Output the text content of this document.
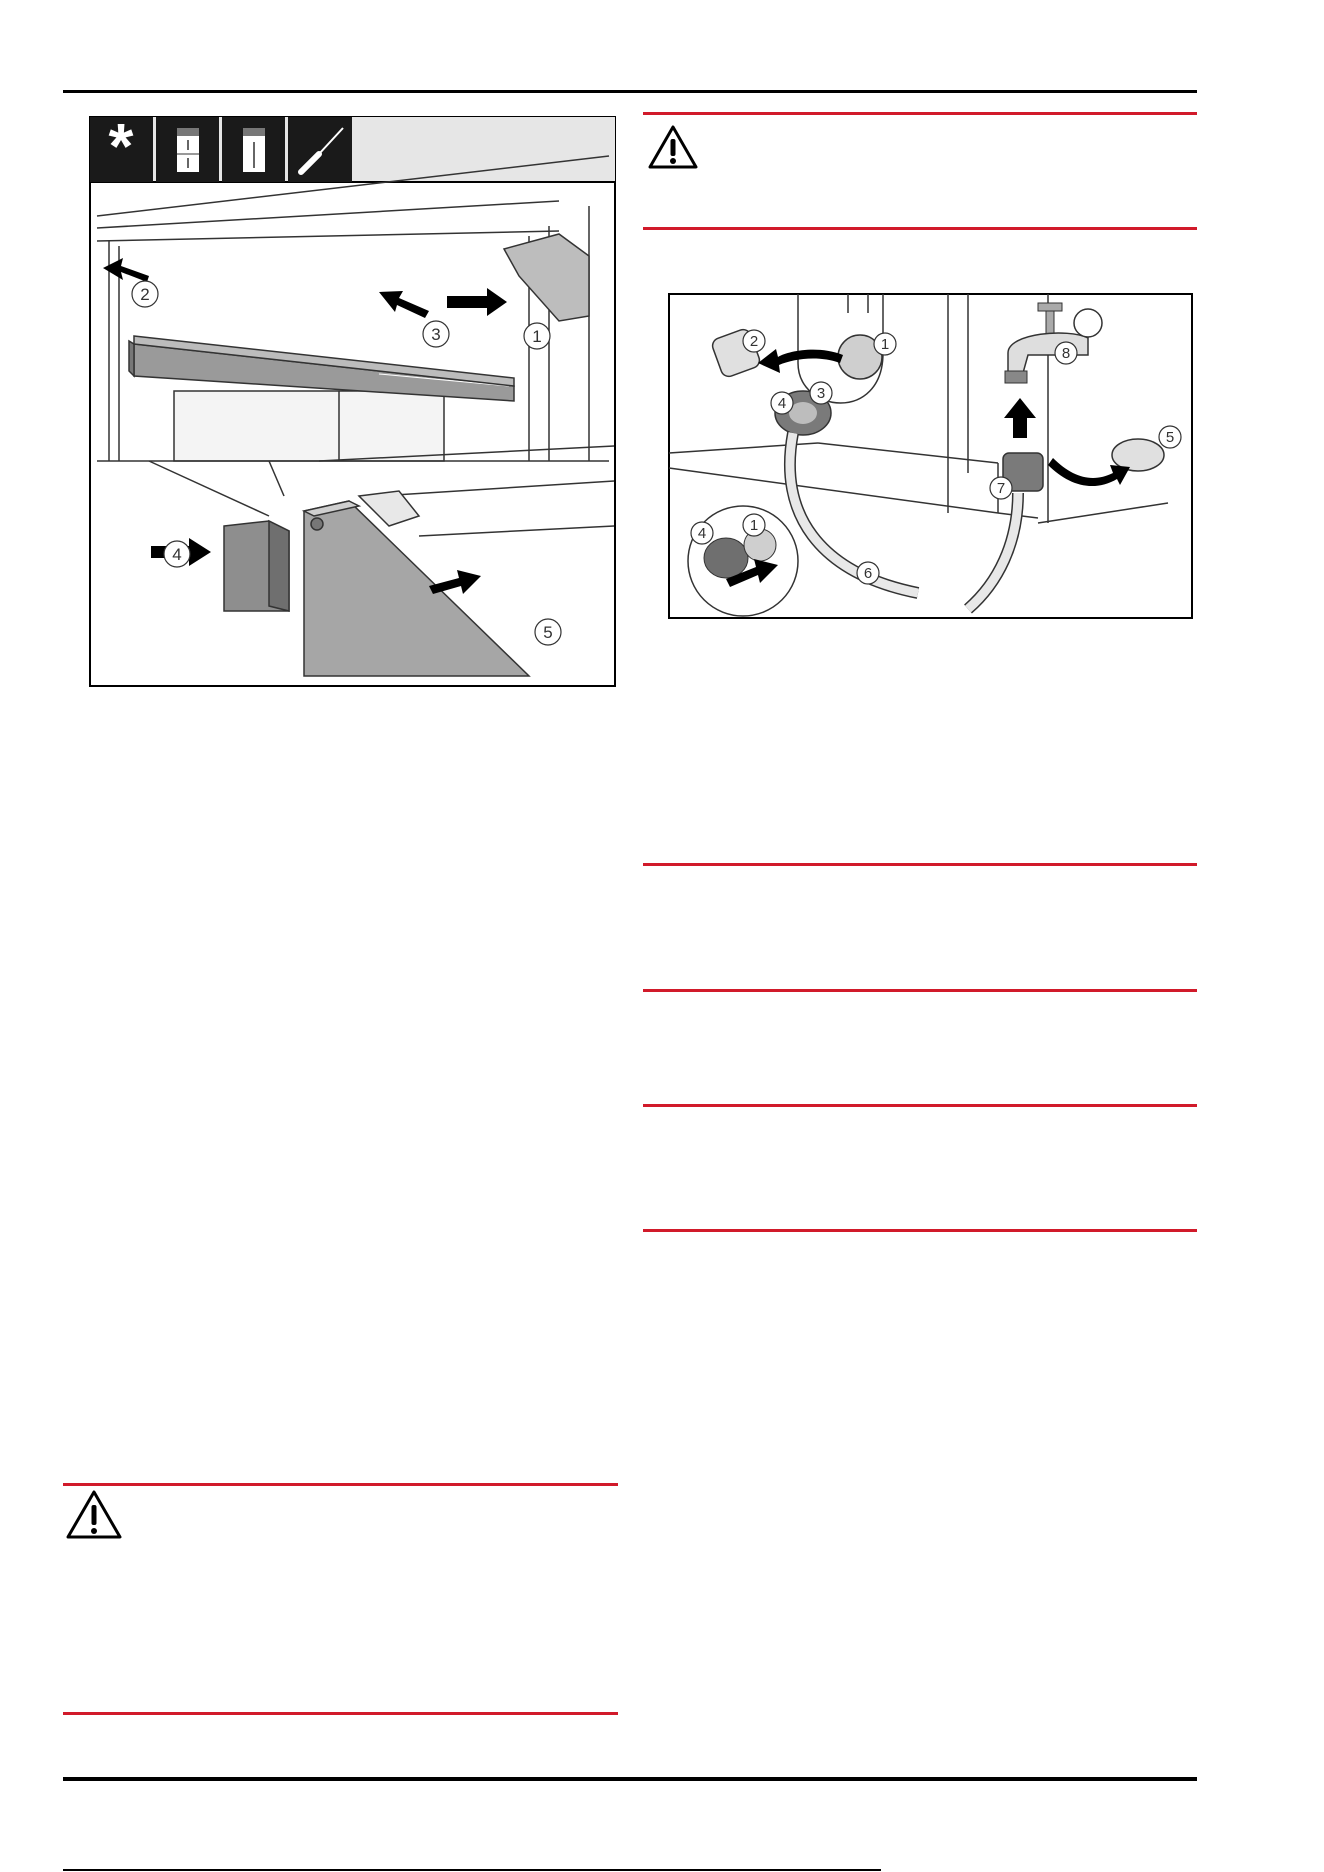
*
1
2
3
4
5
1
2
3
4
5
6
7
8
4	1
